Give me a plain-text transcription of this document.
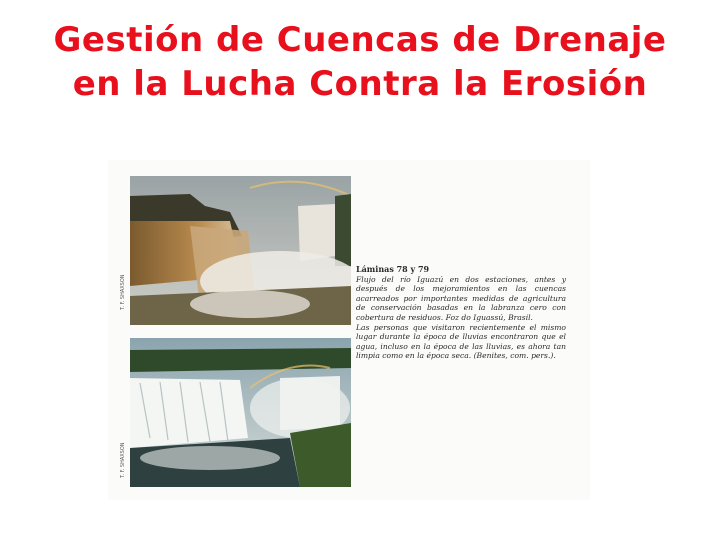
Gestión de Cuencas de Drenaje
en la Lucha Contra la Erosión
T. F. SHAXSON
T. F. SHAXSON
Láminas 78 y 79

Flujo del río Iguazú en dos estaciones, antes y después de los mejoramientos en las cuencas acarreados por importantes medidas de agricultura de conservación basadas en la labranza cero con cobertura de residuos. Foz do Iguassú, Brasil.

Las personas que visitaron recientemente el mismo lugar durante la época de lluvias encontraron que el agua, incluso en la época de las lluvias, es ahora tan limpia como en la época seca. (Benites, com. pers.).
